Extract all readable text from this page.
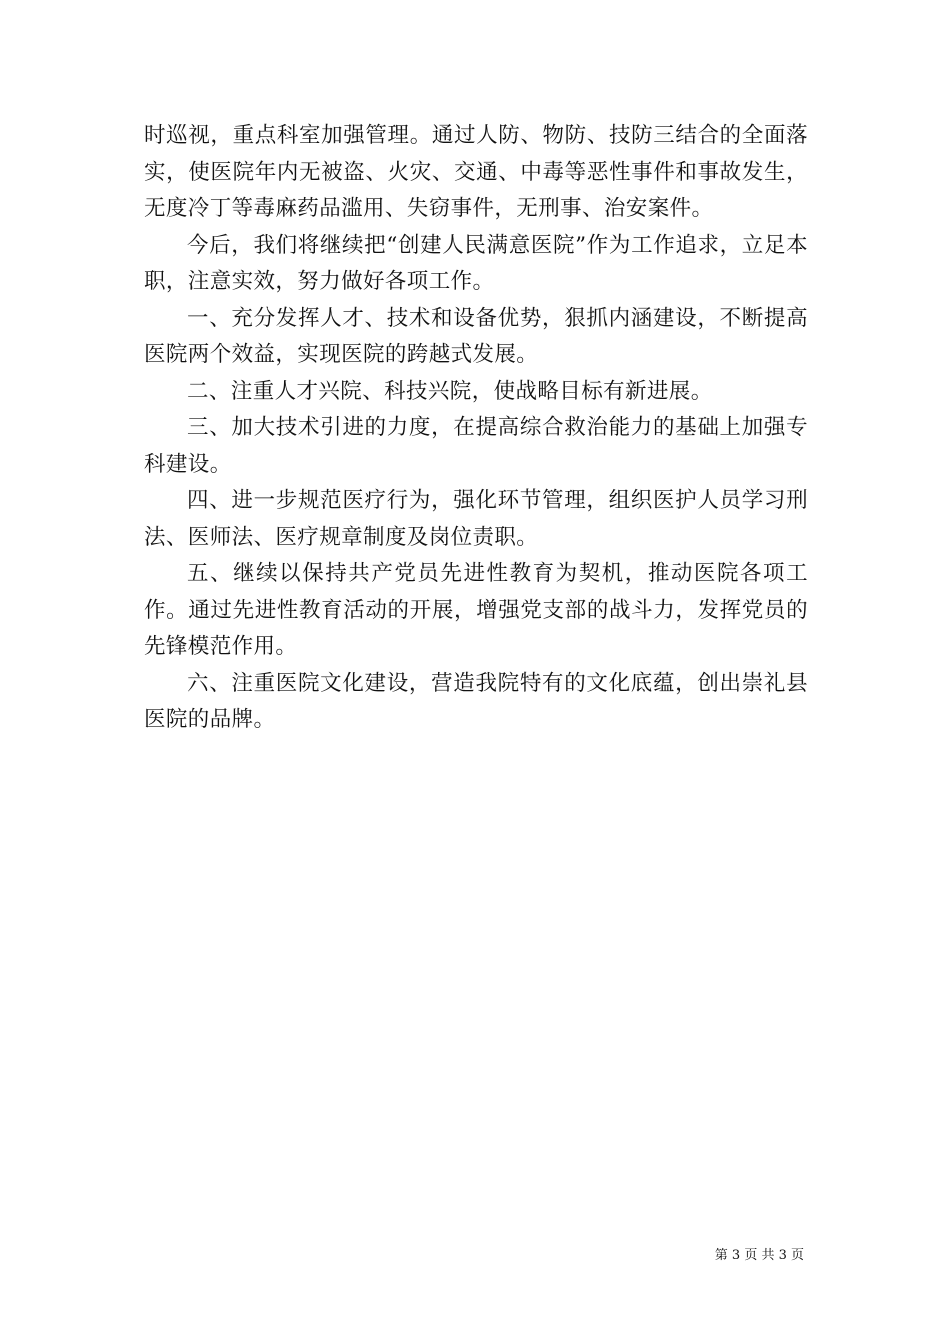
时巡视，重点科室加强管理。通过人防、物防、技防三结合的全面落实，使医院年内无被盗、火灾、交通、中毒等恶性事件和事故发生，无度冷丁等毒麻药品滥用、失窃事件，无刑事、治安案件。

今后，我们将继续把“创建人民满意医院”作为工作追求，立足本职，注意实效，努力做好各项工作。

一、充分发挥人才、技术和设备优势，狠抓内涵建设，不断提高医院两个效益，实现医院的跨越式发展。

二、注重人才兴院、科技兴院，使战略目标有新进展。

三、加大技术引进的力度，在提高综合救治能力的基础上加强专科建设。

四、进一步规范医疗行为，强化环节管理，组织医护人员学习刑法、医师法、医疗规章制度及岗位责职。

五、继续以保持共产党员先进性教育为契机，推动医院各项工作。通过先进性教育活动的开展，增强党支部的战斗力，发挥党员的先锋模范作用。

六、注重医院文化建设，营造我院特有的文化底蕴，创出崇礼县医院的品牌。

第 3 页 共 3 页
